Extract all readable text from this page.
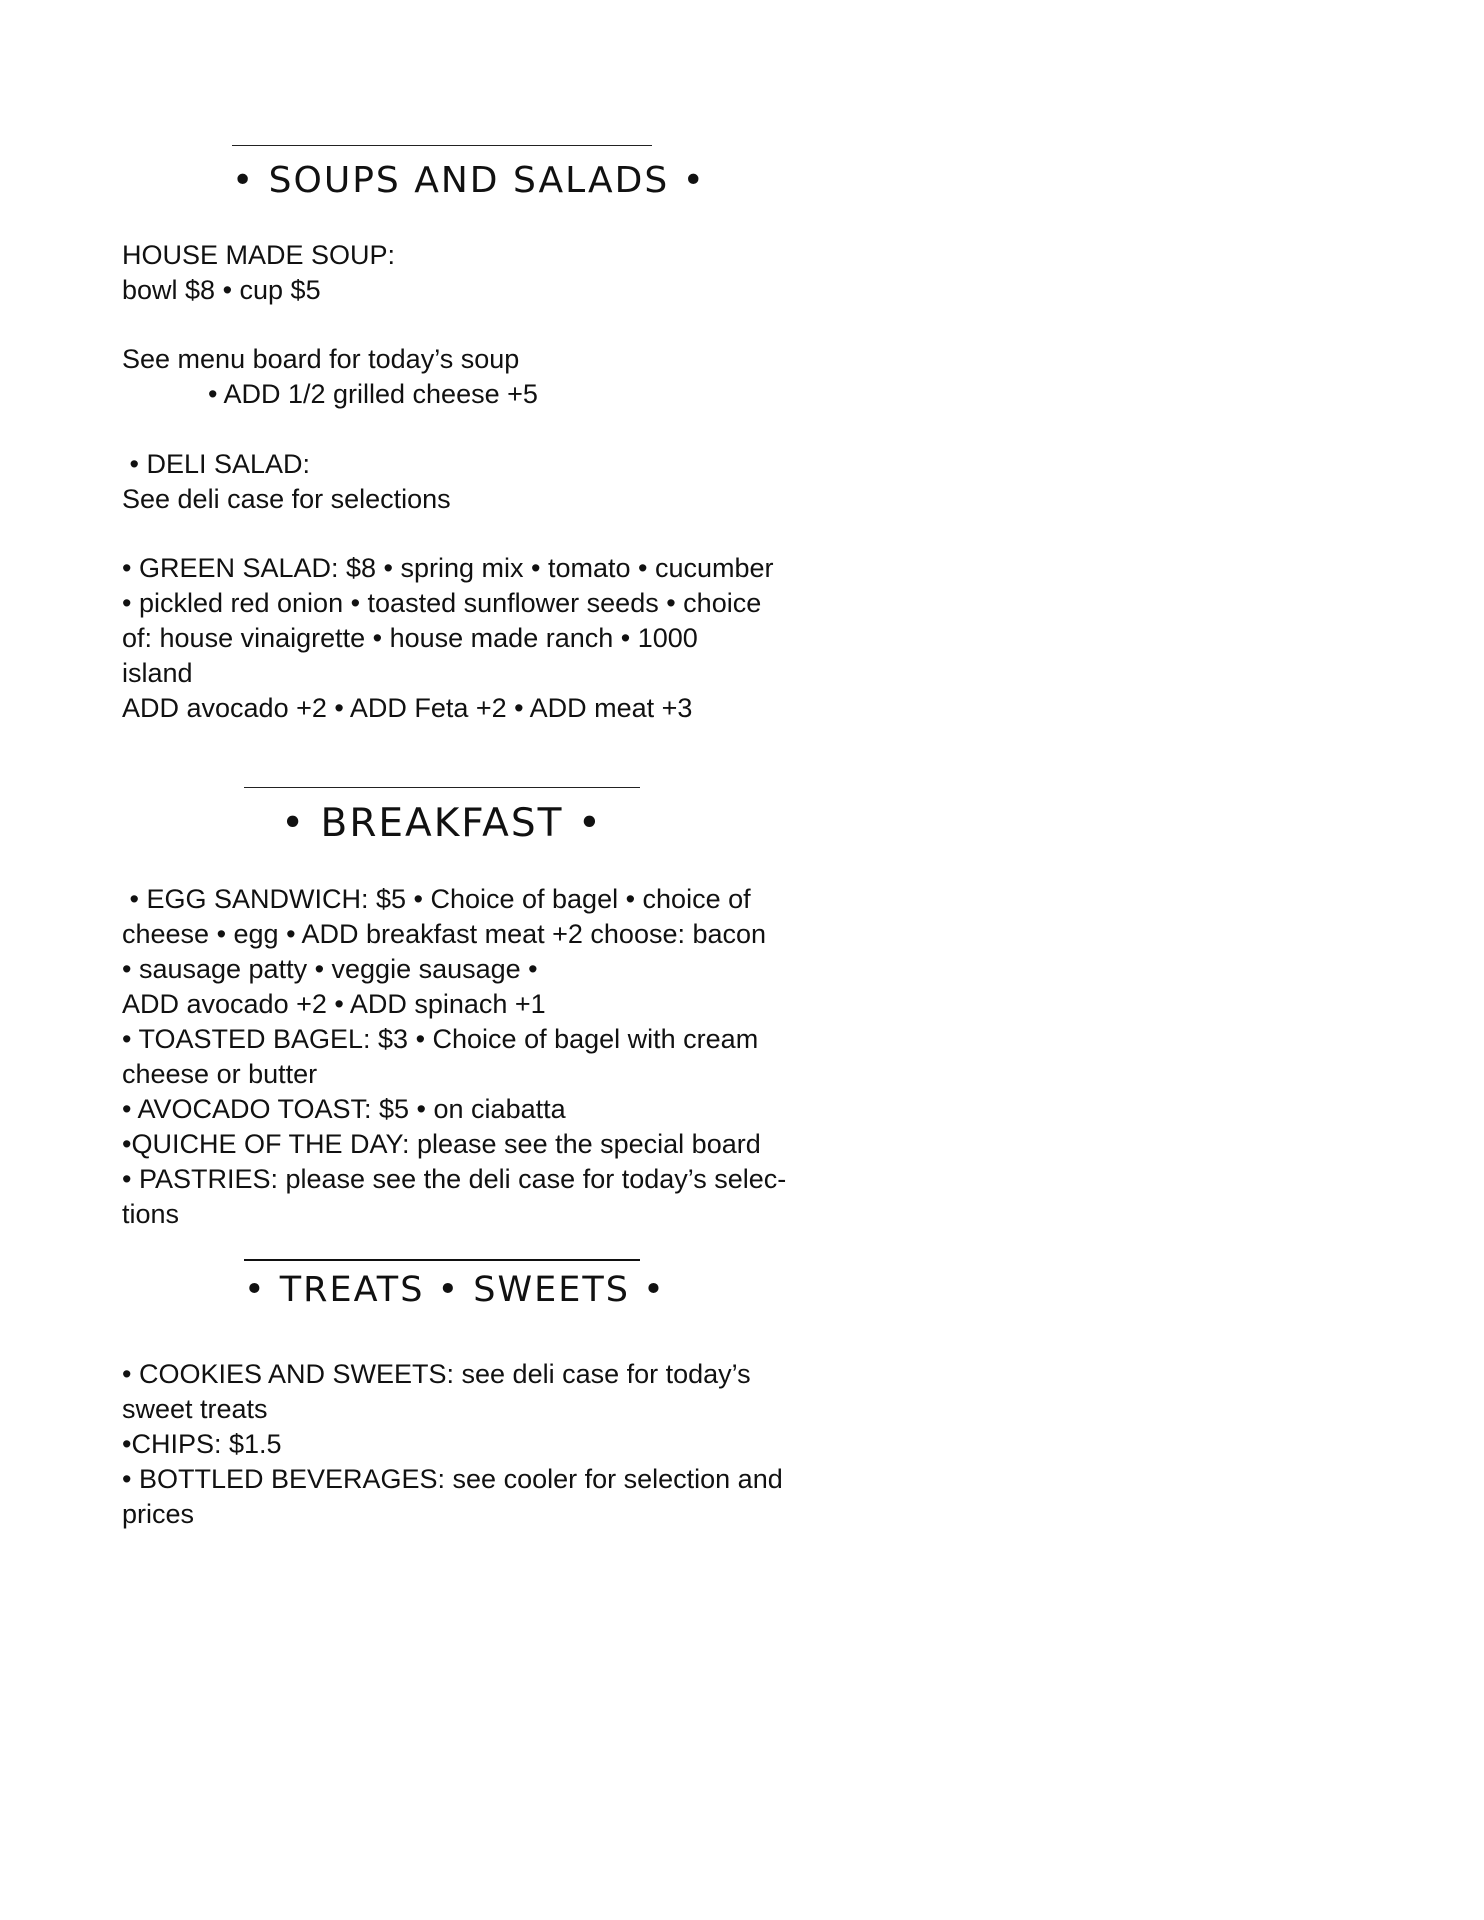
• SOUPS AND SALADS •
HOUSE MADE SOUP:
bowl $8 • cup $5
See menu board for today’s soup
• ADD 1/2 grilled cheese +5
• DELI SALAD:
See deli case for selections
• GREEN SALAD: $8 • spring mix • tomato • cucumber
• pickled red onion • toasted sunflower seeds • choice
of: house vinaigrette • house made ranch • 1000
island
ADD avocado +2 • ADD Feta +2 • ADD meat +3
• BREAKFAST •
• EGG SANDWICH: $5 • Choice of bagel • choice of
cheese • egg • ADD breakfast meat +2 choose: bacon
• sausage patty • veggie sausage •
ADD avocado +2 • ADD spinach +1
• TOASTED BAGEL: $3 • Choice of bagel with cream
cheese or butter
• AVOCADO TOAST: $5 • on ciabatta
•QUICHE OF THE DAY: please see the special board
• PASTRIES: please see the deli case for today’s selec-
tions
• TREATS • SWEETS •
• COOKIES AND SWEETS: see deli case for today’s
sweet treats
•CHIPS: $1.5
• BOTTLED BEVERAGES: see cooler for selection and
prices
